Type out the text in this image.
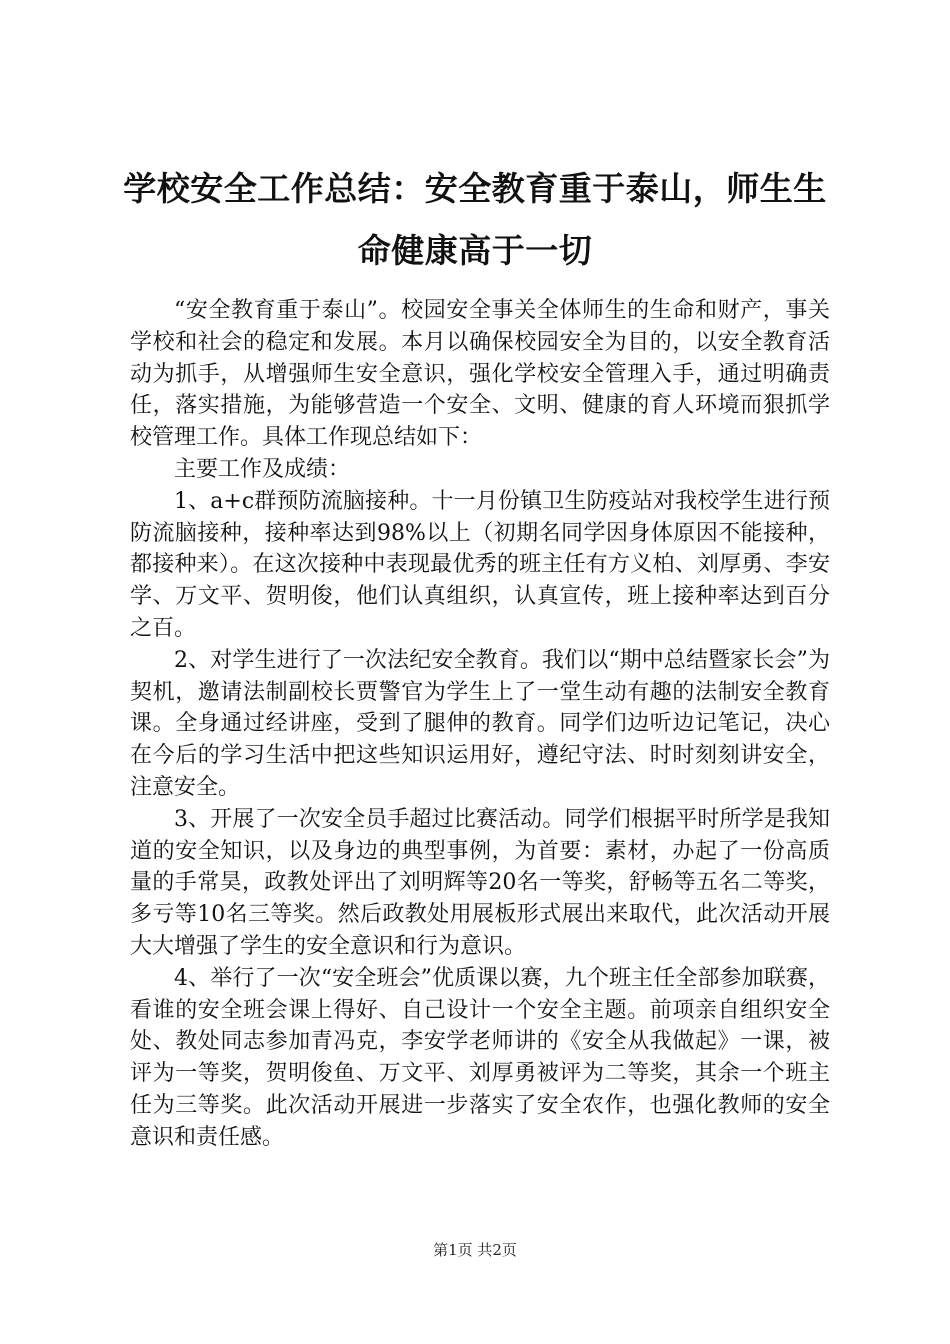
学校安全工作总结：安全教育重于泰山，师生生命健康高于一切

“安全教育重于泰山”。校园安全事关全体师生的生命和财产，事关学校和社会的稳定和发展。本月以确保校园安全为目的，以安全教育活动为抓手，从增强师生安全意识，强化学校安全管理入手，通过明确责任，落实措施，为能够营造一个安全、文明、健康的育人环境而狠抓学校管理工作。具体工作现总结如下：

主要工作及成绩：

1、a+c群预防流脑接种。十一月份镇卫生防疫站对我校学生进行预防流脑接种，接种率达到98%以上（初期名同学因身体原因不能接种，都接种来）。在这次接种中表现最优秀的班主任有方义柏、刘厚勇、李安学、万文平、贺明俊，他们认真组织，认真宣传，班上接种率达到百分之百。

2、对学生进行了一次法纪安全教育。我们以“期中总结暨家长会”为契机，邀请法制副校长贾警官为学生上了一堂生动有趣的法制安全教育课。全身通过经讲座，受到了腿伸的教育。同学们边听边记笔记，决心在今后的学习生活中把这些知识运用好，遵纪守法、时时刻刻讲安全，注意安全。

3、开展了一次安全员手超过比赛活动。同学们根据平时所学是我知道的安全知识，以及身边的典型事例，为首要：素材，办起了一份高质量的手常昊，政教处评出了刘明辉等20名一等奖，舒畅等五名二等奖，多亏等10名三等奖。然后政教处用展板形式展出来取代，此次活动开展大大增强了学生的安全意识和行为意识。

4、举行了一次“安全班会”优质课以赛，九个班主任全部参加联赛，看谁的安全班会课上得好、自己设计一个安全主题。前项亲自组织安全处、教处同志参加青冯克，李安学老师讲的《安全从我做起》一课，被评为一等奖，贺明俊鱼、万文平、刘厚勇被评为二等奖，其余一个班主任为三等奖。此次活动开展进一步落实了安全农作，也强化教师的安全意识和责任感。

第1页 共2页
